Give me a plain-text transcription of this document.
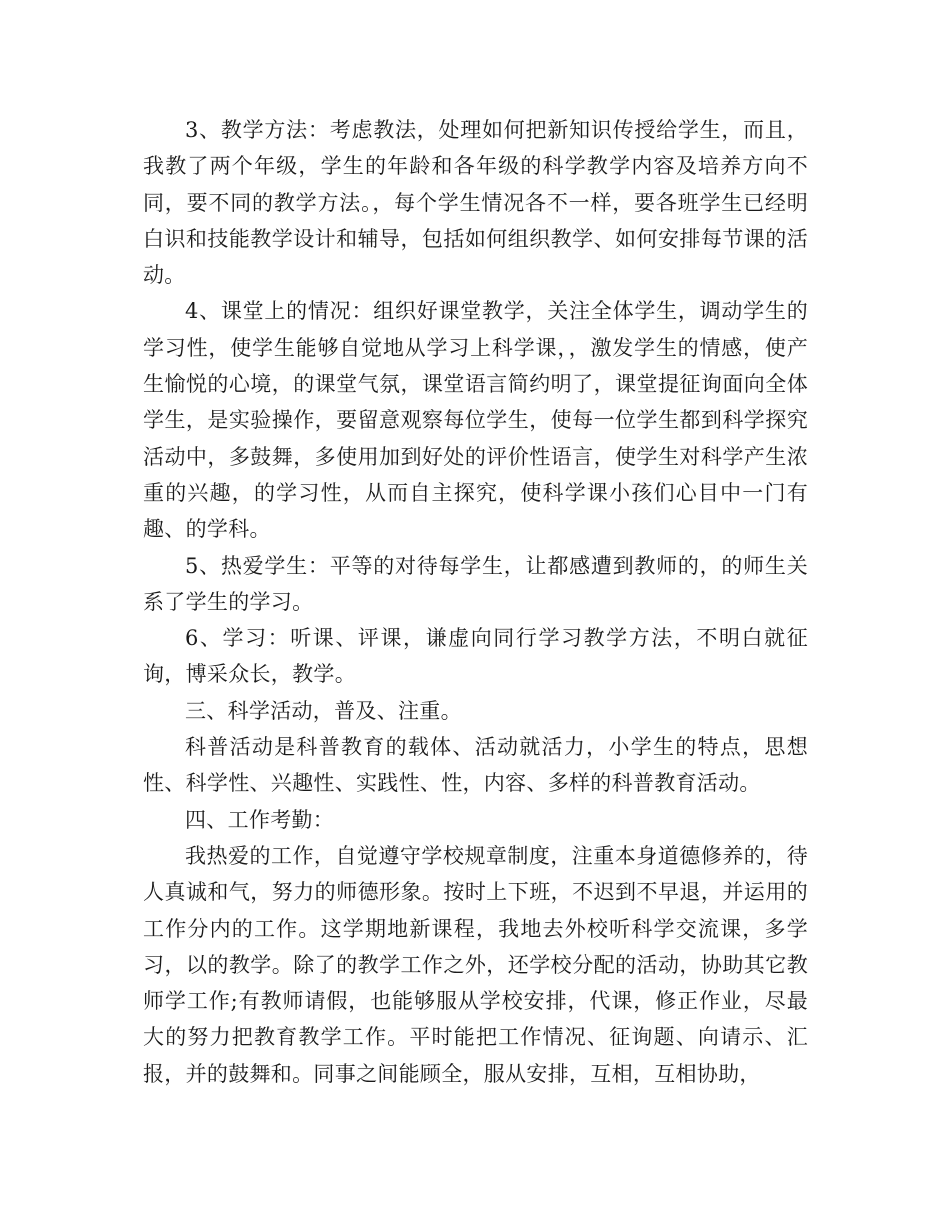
3、教学方法：考虑教法，处理如何把新知识传授给学生，而且，我教了两个年级，学生的年龄和各年级的科学教学内容及培养方向不同，要不同的教学方法。，每个学生情况各不一样，要各班学生已经明白识和技能教学设计和辅导，包括如何组织教学、如何安排每节课的活动。

4、课堂上的情况：组织好课堂教学，关注全体学生，调动学生的学习性，使学生能够自觉地从学习上科学课，，激发学生的情感，使产生愉悦的心境，的课堂气氛，课堂语言简约明了，课堂提征询面向全体学生，是实验操作，要留意观察每位学生，使每一位学生都到科学探究活动中，多鼓舞，多使用加到好处的评价性语言，使学生对科学产生浓重的兴趣，的学习性，从而自主探究，使科学课小孩们心目中一门有趣、的学科。

5、热爱学生：平等的对待每学生，让都感遭到教师的，的师生关系了学生的学习。

6、学习：听课、评课，谦虚向同行学习教学方法，不明白就征询，博采众长，教学。

三、科学活动，普及、注重。

科普活动是科普教育的载体、活动就活力，小学生的特点，思想性、科学性、兴趣性、实践性、性，内容、多样的科普教育活动。

四、工作考勤：

我热爱的工作，自觉遵守学校规章制度，注重本身道德修养的，待人真诚和气，努力的师德形象。按时上下班，不迟到不早退，并运用的工作分内的工作。这学期地新课程，我地去外校听科学交流课，多学习，以的教学。除了的教学工作之外，还学校分配的活动，协助其它教师学工作;有教师请假，也能够服从学校安排，代课，修正作业，尽最大的努力把教育教学工作。平时能把工作情况、征询题、向请示、汇报，并的鼓舞和。同事之间能顾全，服从安排，互相，互相协助，
